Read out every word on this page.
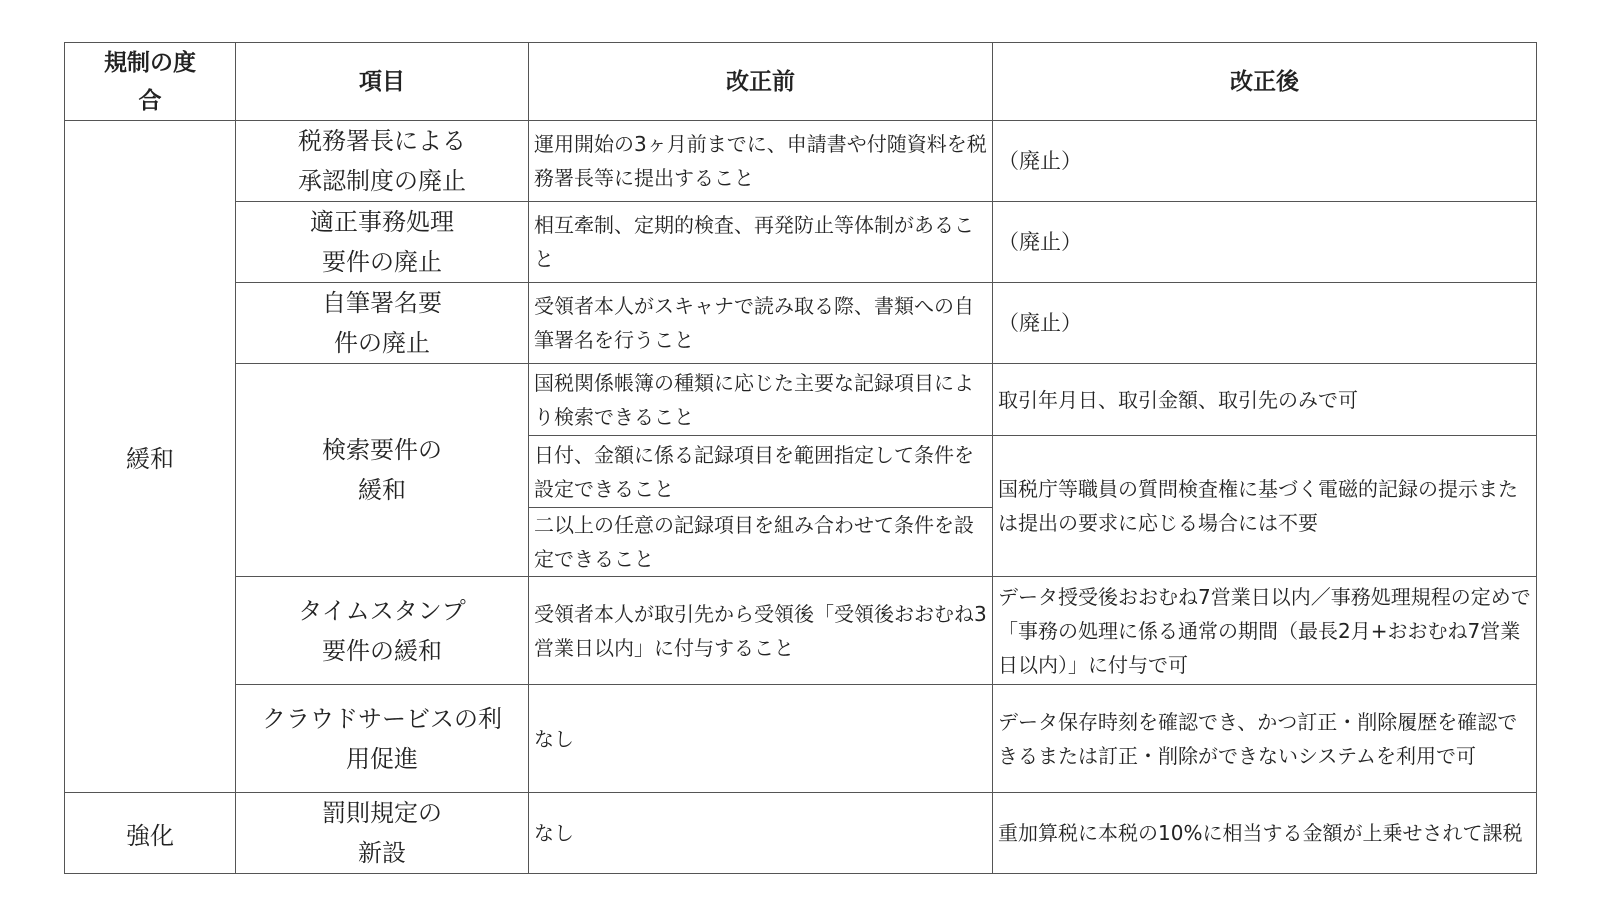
規制の度合	項目	改正前	改正後
緩和	税務署長による承認制度の廃止	運用開始の3ヶ月前までに、申請書や付随資料を税務署長等に提出すること	（廃止）

	適正事務処理要件の廃止	相互牽制、定期的検査、再発防止等体制があること	（廃止）

	自筆署名要件の廃止	受領者本人がスキャナで読み取る際、書類への自筆署名を行うこと	（廃止）

	検索要件の緩和	国税関係帳簿の種類に応じた主要な記録項目により検索できること	取引年月日、取引金額、取引先のみで可
		日付、金額に係る記録項目を範囲指定して条件を設定できること	国税庁等職員の質問検査権に基づく電磁的記録の提示または提出の要求に応じる場合には不要
		二以上の任意の記録項目を組み合わせて条件を設定できること	

	タイムスタンプ要件の緩和	受領者本人が取引先から受領後「受領後おおむね3営業日以内」に付与すること	データ授受後おおむね7営業日以内／事務処理規程の定めで「事務の処理に係る通常の期間（最長2月+おおむね7営業日以内）」に付与で可

	クラウドサービスの利用促進	なし	データ保存時刻を確認でき、かつ訂正・削除履歴を確認できるまたは訂正・削除ができないシステムを利用で可
強化	罰則規定の新設	なし	重加算税に本税の10%に相当する金額が上乗せされて課税
